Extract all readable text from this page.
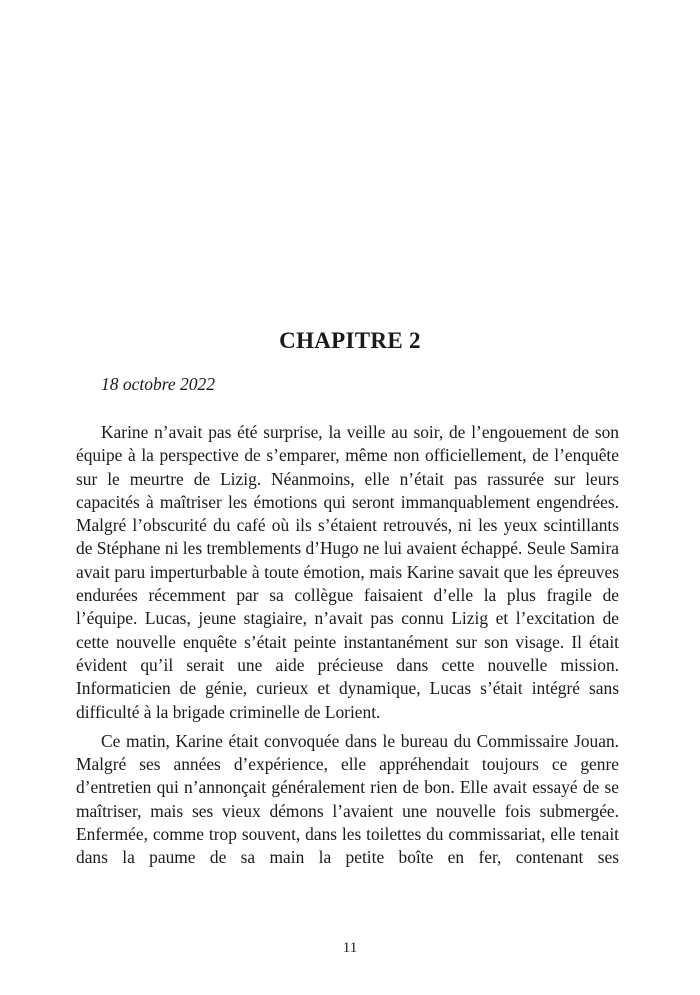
CHAPITRE 2

18 octobre 2022

Karine n’avait pas été surprise, la veille au soir, de l’engouement de son équipe à la perspective de s’emparer, même non officiellement, de l’enquête sur le meurtre de Lizig. Néanmoins, elle n’était pas rassurée sur leurs capacités à maîtriser les émotions qui seront immanquablement engendrées. Malgré l’obscurité du café où ils s’étaient retrouvés, ni les yeux scintillants de Stéphane ni les tremblements d’Hugo ne lui avaient échappé. Seule Samira avait paru imperturbable à toute émotion, mais Karine savait que les épreuves endurées récemment par sa collègue faisaient d’elle la plus fragile de l’équipe. Lucas, jeune stagiaire, n’avait pas connu Lizig et l’excitation de cette nouvelle enquête s’était peinte instantanément sur son visage. Il était évident qu’il serait une aide précieuse dans cette nouvelle mission. Informaticien de génie, curieux et dynamique, Lucas s’était intégré sans difficulté à la brigade criminelle de Lorient.

Ce matin, Karine était convoquée dans le bureau du Commissaire Jouan. Malgré ses années d’expérience, elle appréhendait toujours ce genre d’entretien qui n’annonçait généralement rien de bon. Elle avait essayé de se maîtriser, mais ses vieux démons l’avaient une nouvelle fois submergée. Enfermée, comme trop souvent, dans les toilettes du commissariat, elle tenait dans la paume de sa main la petite boîte en fer, contenant ses

11
